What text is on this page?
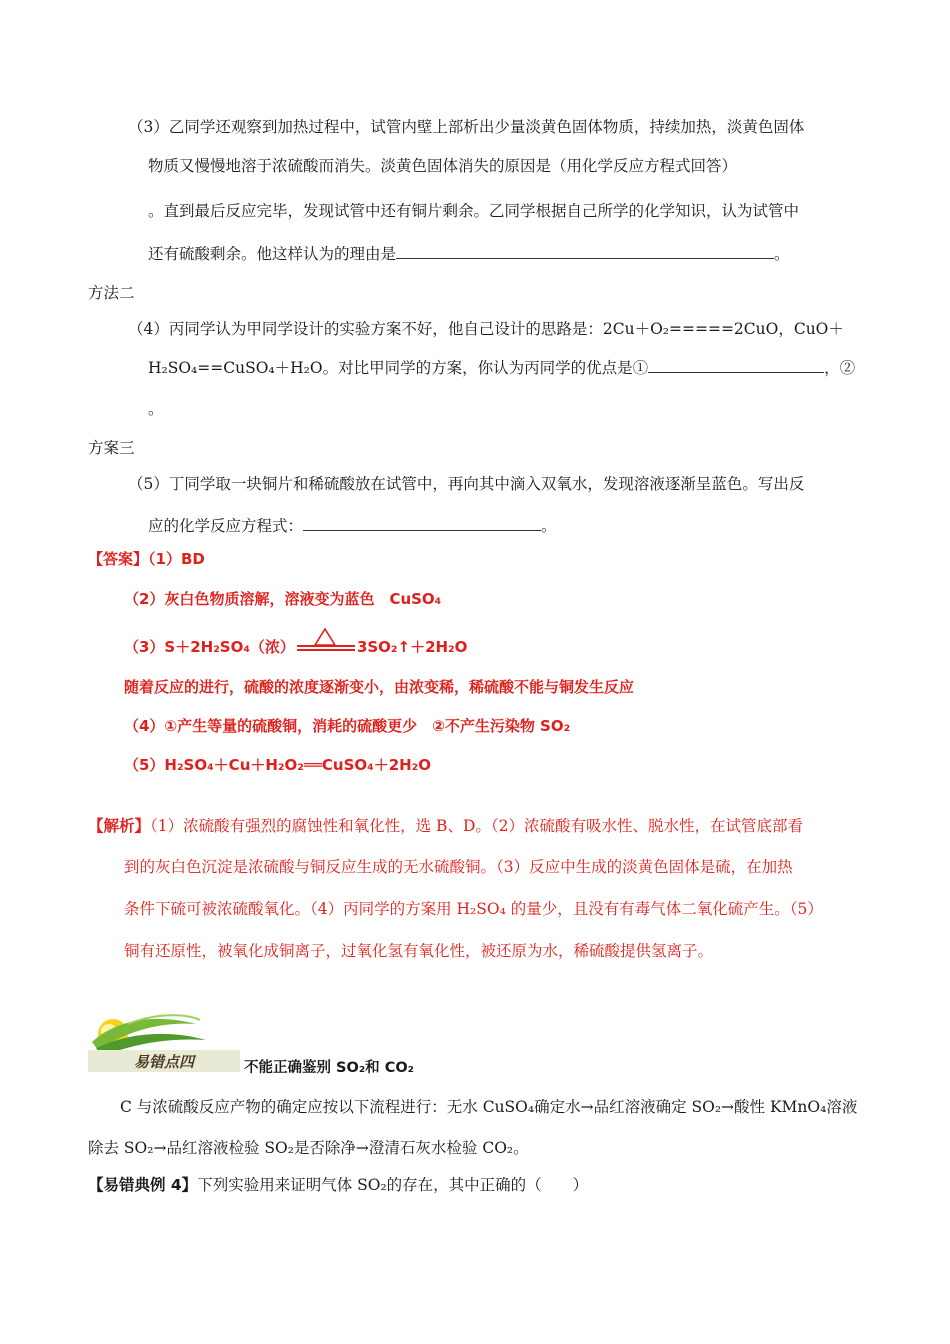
（3）乙同学还观察到加热过程中，试管内壁上部析出少量淡黄色固体物质，持续加热，淡黄色固体
物质又慢慢地溶于浓硫酸而消失。淡黄色固体消失的原因是（用化学反应方程式回答）
。直到最后反应完毕，发现试管中还有铜片剩余。乙同学根据自己所学的化学知识，认为试管中
还有硫酸剩余。他这样认为的理由是	。
方法二
（4）丙同学认为甲同学设计的实验方案不好，他自己设计的思路是：2Cu＋O₂=====2CuO，CuO＋
H₂SO₄==CuSO₄＋H₂O。对比甲同学的方案，你认为丙同学的优点是①	，②
。
方案三
（5）丁同学取一块铜片和稀硫酸放在试管中，再向其中滴入双氧水，发现溶液逐渐呈蓝色。写出反
应的化学反应方程式：	。
【答案】（1）BD
（2）灰白色物质溶解，溶液变为蓝色　CuSO₄
（3）S＋2H₂SO₄（浓）	3SO₂↑＋2H₂O
随着反应的进行，硫酸的浓度逐渐变小，由浓变稀，稀硫酸不能与铜发生反应
（4）①产生等量的硫酸铜，消耗的硫酸更少　②不产生污染物 SO₂
（5）H₂SO₄＋Cu＋H₂O₂══CuSO₄＋2H₂O
【解析】（1）浓硫酸有强烈的腐蚀性和氧化性，选 B、D。（2）浓硫酸有吸水性、脱水性，在试管底部看
到的灰白色沉淀是浓硫酸与铜反应生成的无水硫酸铜。（3）反应中生成的淡黄色固体是硫，在加热
条件下硫可被浓硫酸氧化。（4）丙同学的方案用 H₂SO₄ 的量少，且没有有毒气体二氧化硫产生。（5）
铜有还原性，被氧化成铜离子，过氧化氢有氧化性，被还原为水，稀硫酸提供氢离子。
易错点四	不能正确鉴别 SO₂和 CO₂
C 与浓硫酸反应产物的确定应按以下流程进行：无水 CuSO₄确定水→品红溶液确定 SO₂→酸性 KMnO₄溶液
除去 SO₂→品红溶液检验 SO₂是否除净→澄清石灰水检验 CO₂。
【易错典例 4】下列实验用来证明气体 SO₂的存在，其中正确的（　　）
